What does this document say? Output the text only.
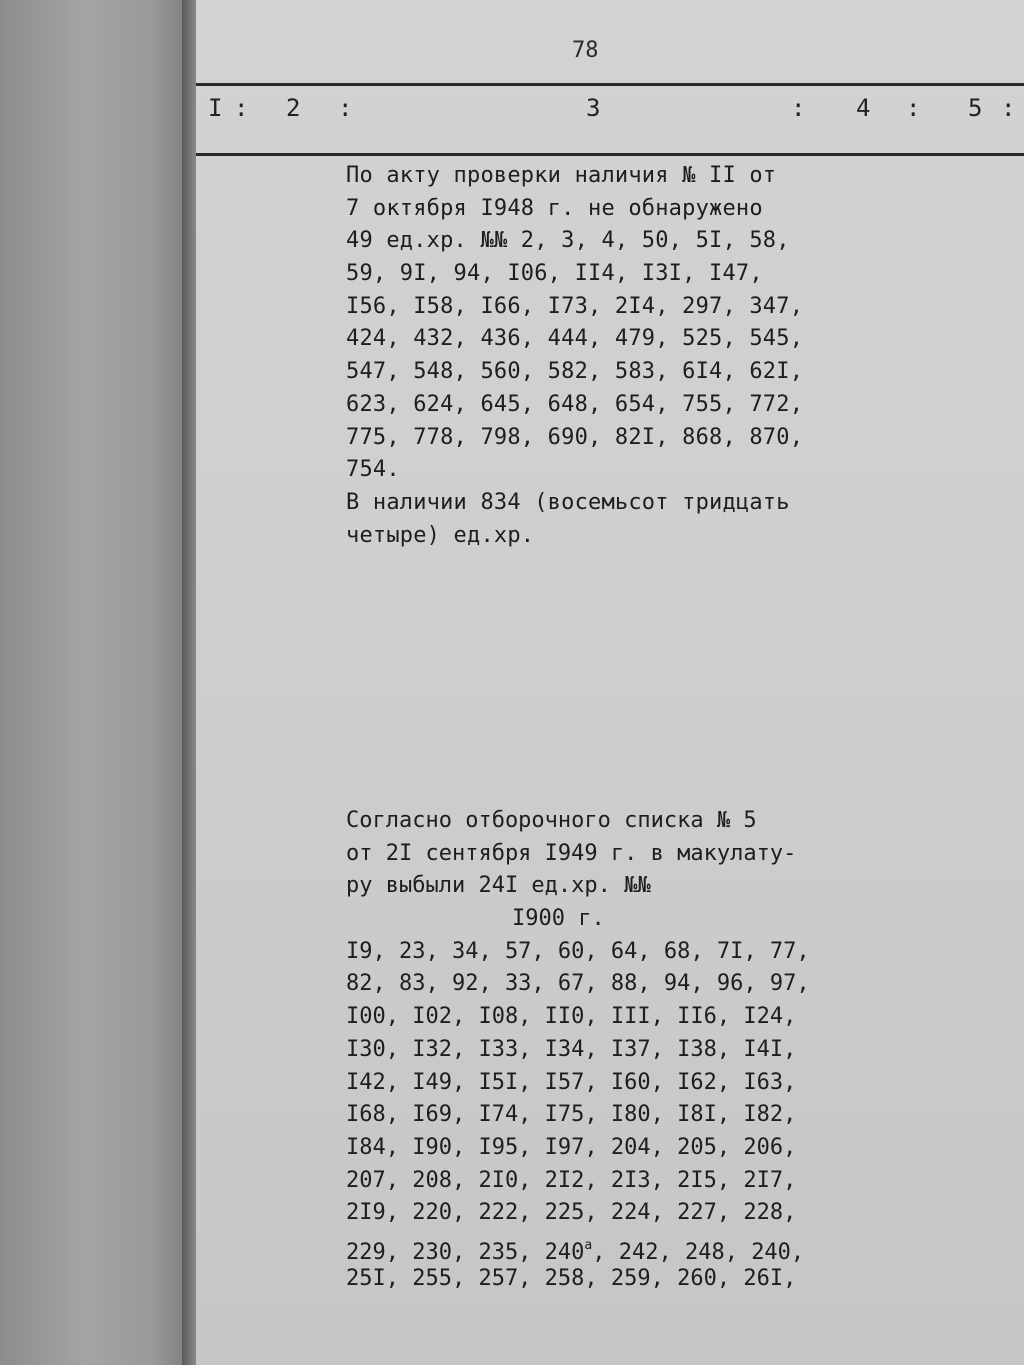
78
I : 2 :	3	: 4 : 5 :
По акту проверки наличия № II от
7 октября I948 г. не обнаружено
49 ед.хр. №№ 2, 3, 4, 50, 5I, 58,
59, 9I, 94, I06, II4, I3I, I47,
I56, I58, I66, I73, 2I4, 297, 347,
424, 432, 436, 444, 479, 525, 545,
547, 548, 560, 582, 583, 6I4, 62I,
623, 624, 645, 648, 654, 755, 772,
775, 778, 798, 690, 82I, 868, 870,
754.
В наличии 834 (восемьсот тридцать
четыре) ед.хр.
Согласно отборочного списка № 5
от 2I сентября I949 г. в макулату-
ру выбыли 24I ед.хр. №№
I900 г.
I9, 23, 34, 57, 60, 64, 68, 7I, 77,
82, 83, 92, 33, 67, 88, 94, 96, 97,
I00, I02, I08, II0, III, II6, I24,
I30, I32, I33, I34, I37, I38, I4I,
I42, I49, I5I, I57, I60, I62, I63,
I68, I69, I74, I75, I80, I8I, I82,
I84, I90, I95, I97, 204, 205, 206,
207, 208, 2I0, 2I2, 2I3, 2I5, 2I7,
2I9, 220, 222, 225, 224, 227, 228,
229, 230, 235, $240^а$, 242, 248, 240,
25I, 255, 257, 258, 259, 260, 26I,
